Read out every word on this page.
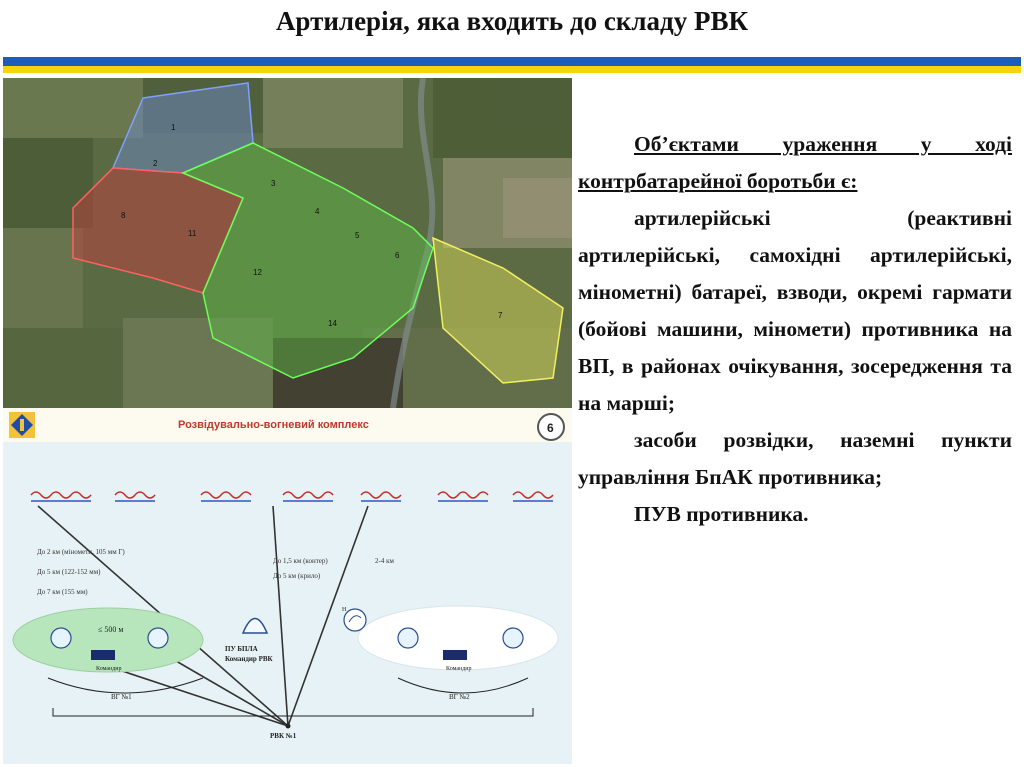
Артилерія, яка входить до складу РВК
1
2
3
4
5
6
7
8
11
12
14
Розвідувально-вогневий комплекс	6
До 2 км (міномети, 105 мм Г)
До 5 км (122-152 мм)
До 7 км (155 мм)
До 1,5 км (контер)
До 5 км (крило)
2-4 км
Командир
≤ 500 м
Командир
ПУ БПЛА
Командир РВК
Н
ВГ №1	ВГ №2
РВК №1

Об’єктами ураження у ході контрбатарейної боротьби є:

артилерійські (реактивні артилерійські, самохідні артилерійські, мінометні) батареї, взводи, окремі гармати (бойові машини, міномети) противника на ВП, в районах очікування, зосередження та на марші;

засоби розвідки, наземні пункти управління БпАК противника;

ПУВ противника.
